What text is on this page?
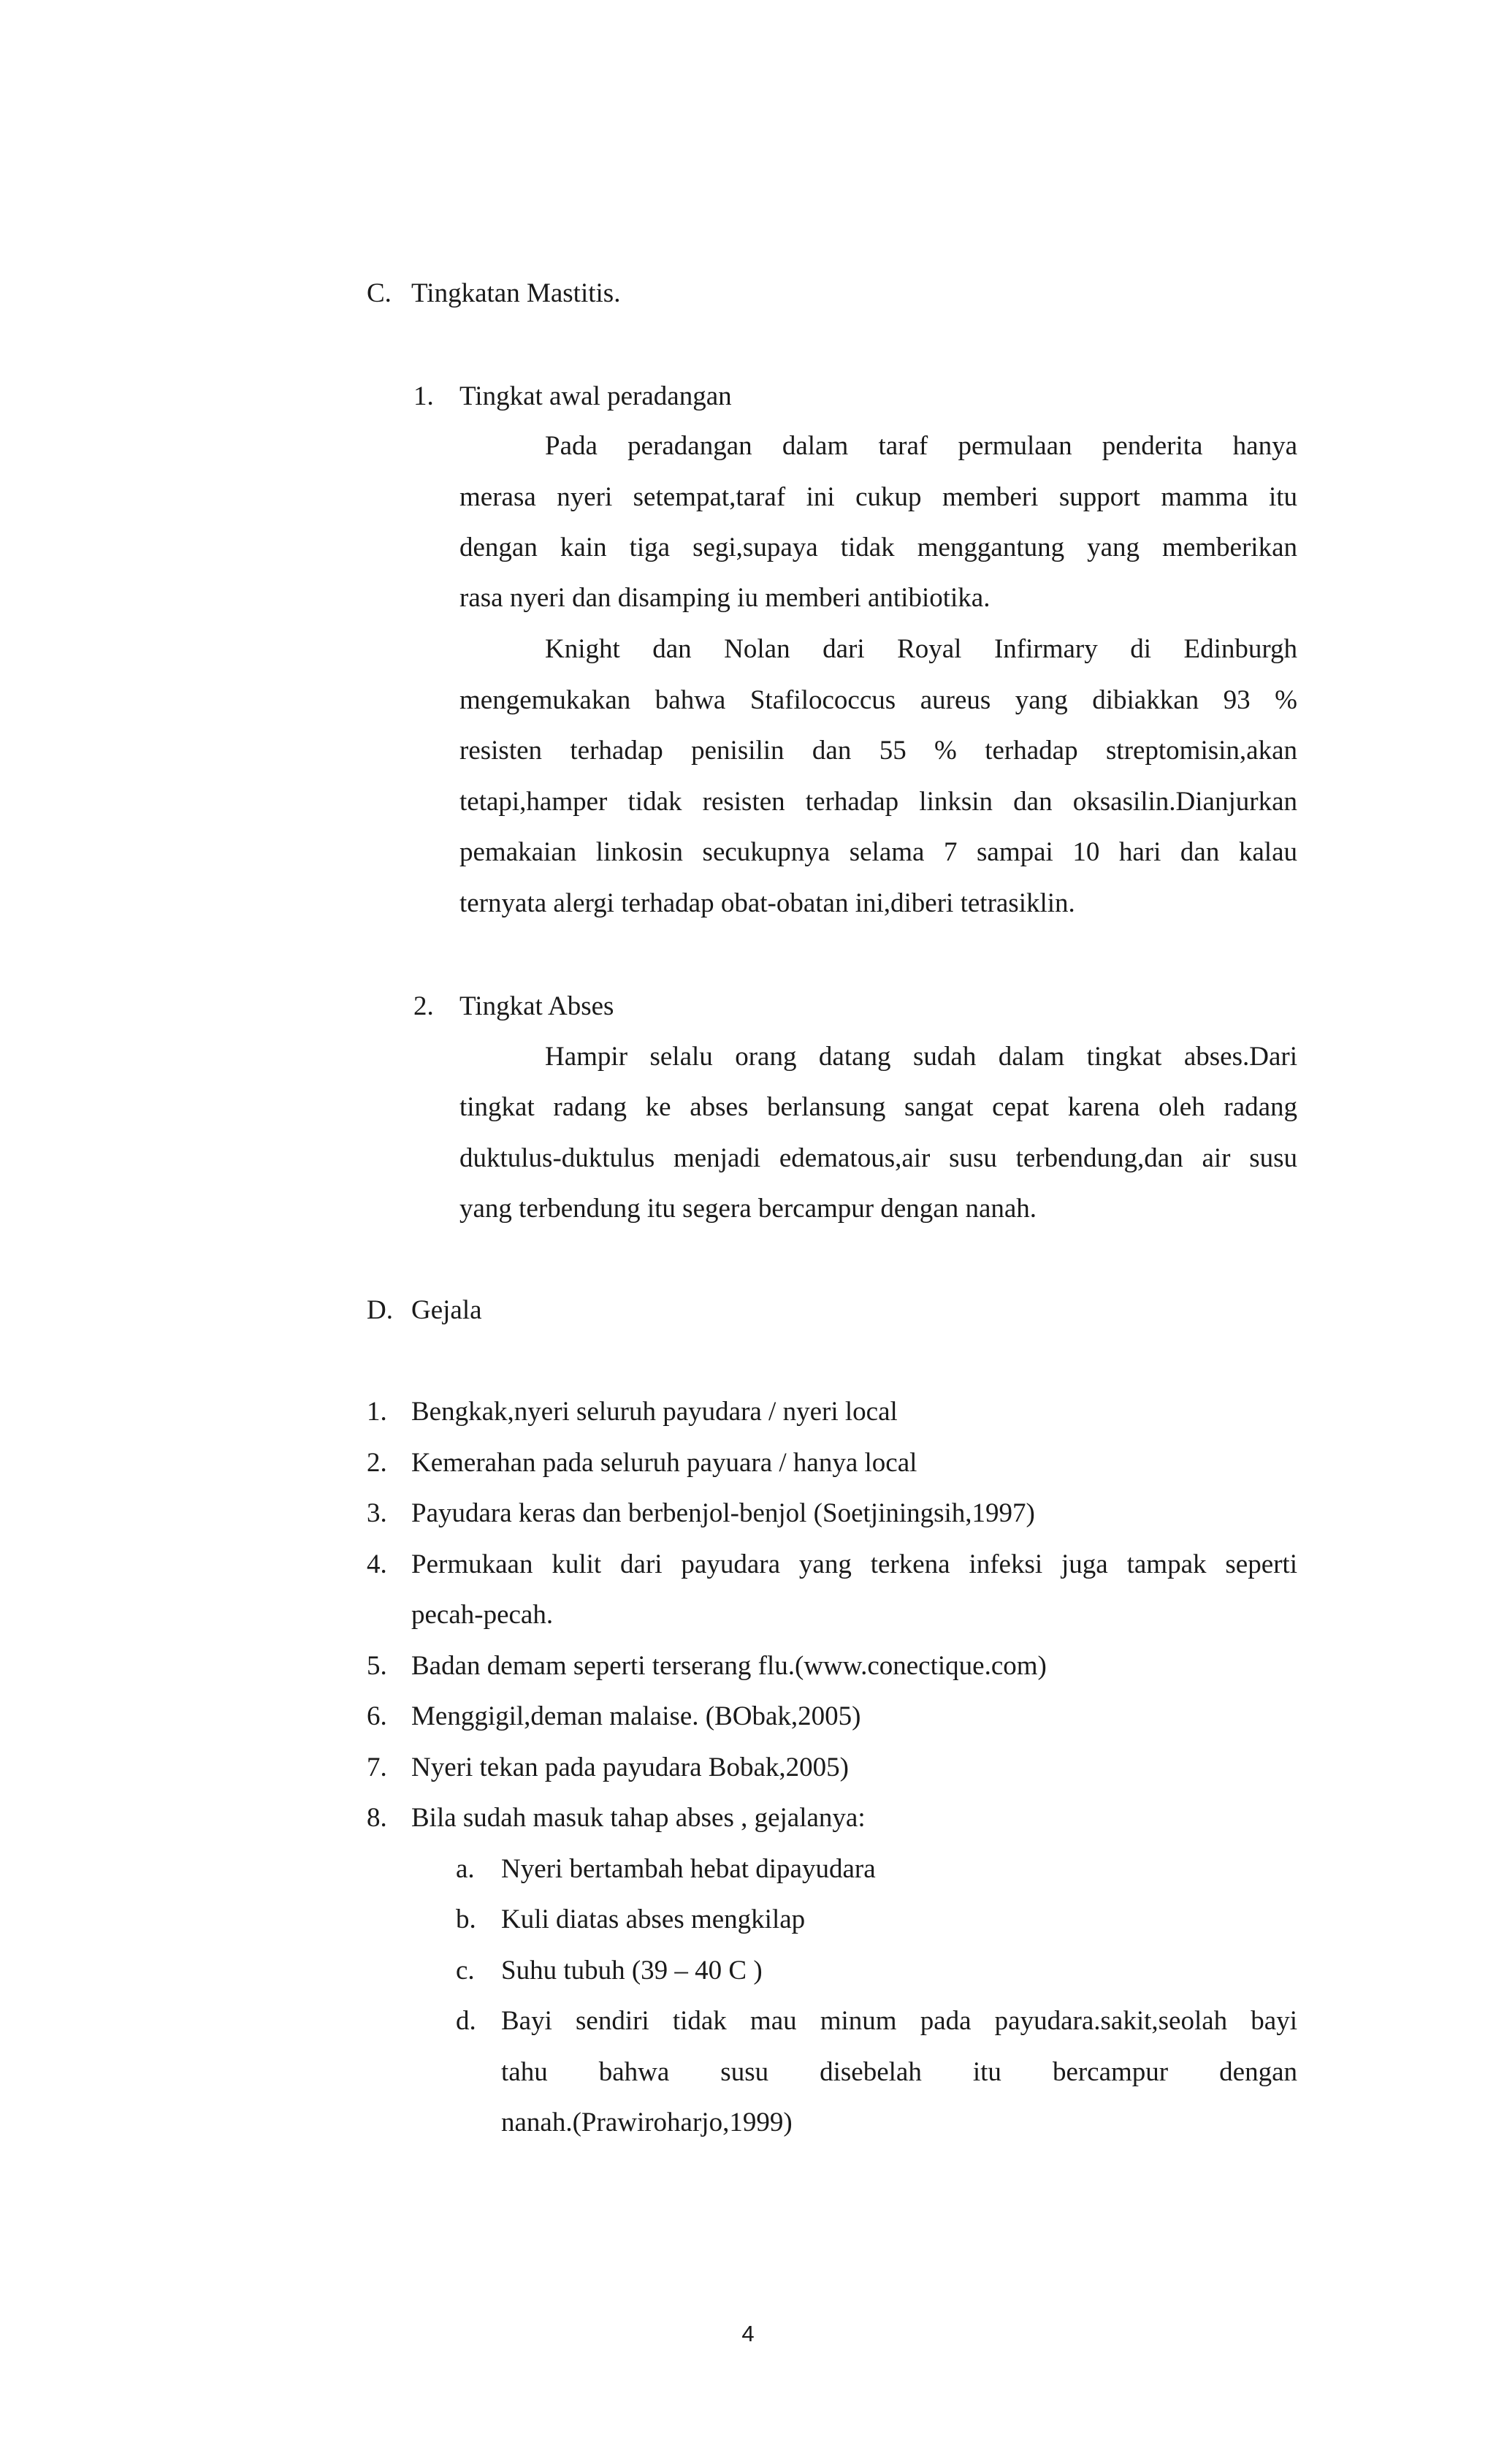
C. Tingkatan Mastitis.
1. Tingkat awal peradangan
Pada peradangan dalam taraf permulaan penderita hanya
merasa nyeri setempat,taraf ini cukup memberi support mamma itu
dengan kain tiga segi,supaya tidak menggantung yang memberikan
rasa nyeri dan disamping iu memberi antibiotika.
Knight dan Nolan dari Royal Infirmary di Edinburgh
mengemukakan bahwa Stafilococcus aureus yang dibiakkan 93 %
resisten terhadap penisilin dan 55 % terhadap streptomisin,akan
tetapi,hamper tidak resisten terhadap linksin dan oksasilin.Dianjurkan
pemakaian linkosin secukupnya selama 7 sampai 10 hari dan kalau
ternyata alergi terhadap obat-obatan ini,diberi tetrasiklin.
2. Tingkat Abses
Hampir selalu orang datang sudah dalam tingkat abses.Dari
tingkat radang ke abses berlansung sangat cepat karena oleh radang
duktulus-duktulus menjadi edematous,air susu terbendung,dan air susu
yang terbendung itu segera bercampur dengan nanah.
D. Gejala
1. Bengkak,nyeri seluruh payudara / nyeri local
2. Kemerahan pada seluruh payuara / hanya local
3. Payudara keras dan berbenjol-benjol (Soetjiningsih,1997)
4. Permukaan kulit dari payudara yang terkena infeksi juga tampak seperti
pecah-pecah.
5. Badan demam seperti terserang flu.(www.conectique.com)
6. Menggigil,deman malaise. (BObak,2005)
7. Nyeri tekan pada payudara Bobak,2005)
8. Bila sudah masuk tahap abses , gejalanya:
a. Nyeri bertambah hebat dipayudara
b. Kuli diatas abses mengkilap
c. Suhu tubuh (39 – 40 C )
d. Bayi sendiri tidak mau minum pada payudara.sakit,seolah bayi
tahu bahwa susu disebelah itu bercampur dengan
nanah.(Prawiroharjo,1999)
4
